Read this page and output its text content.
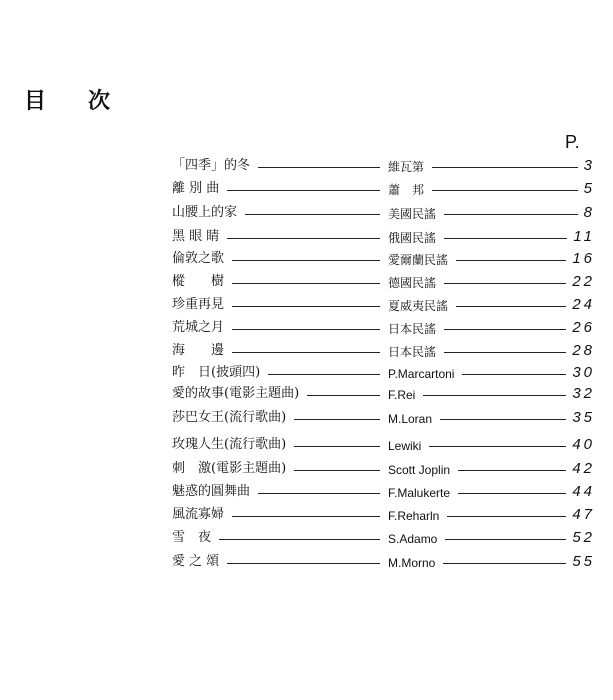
目 次
P.
「四季」的冬	維瓦第	3
離 別 曲	蕭　邦	5
山腰上的家	美國民謠	8
黑 眼 睛	俄國民謠	11
倫敦之歌	愛爾蘭民謠	16
樅　　樹	德國民謠	22
珍重再見	夏威夷民謠	24
荒城之月	日本民謠	26
海　　邊	日本民謠	28
昨　日(披頭四)	P.Marcartoni	30
愛的故事(電影主題曲)	F.Rei	32
莎巴女王(流行歌曲)	M.Loran	35
玫瑰人生(流行歌曲)	Lewiki	40
刺　激(電影主題曲)	Scott Joplin	42
魅惑的圓舞曲	F.Malukerte	44
風流寡婦	F.Reharln	47
雪　夜	S.Adamo	52
愛 之 頌	M.Morno	55
